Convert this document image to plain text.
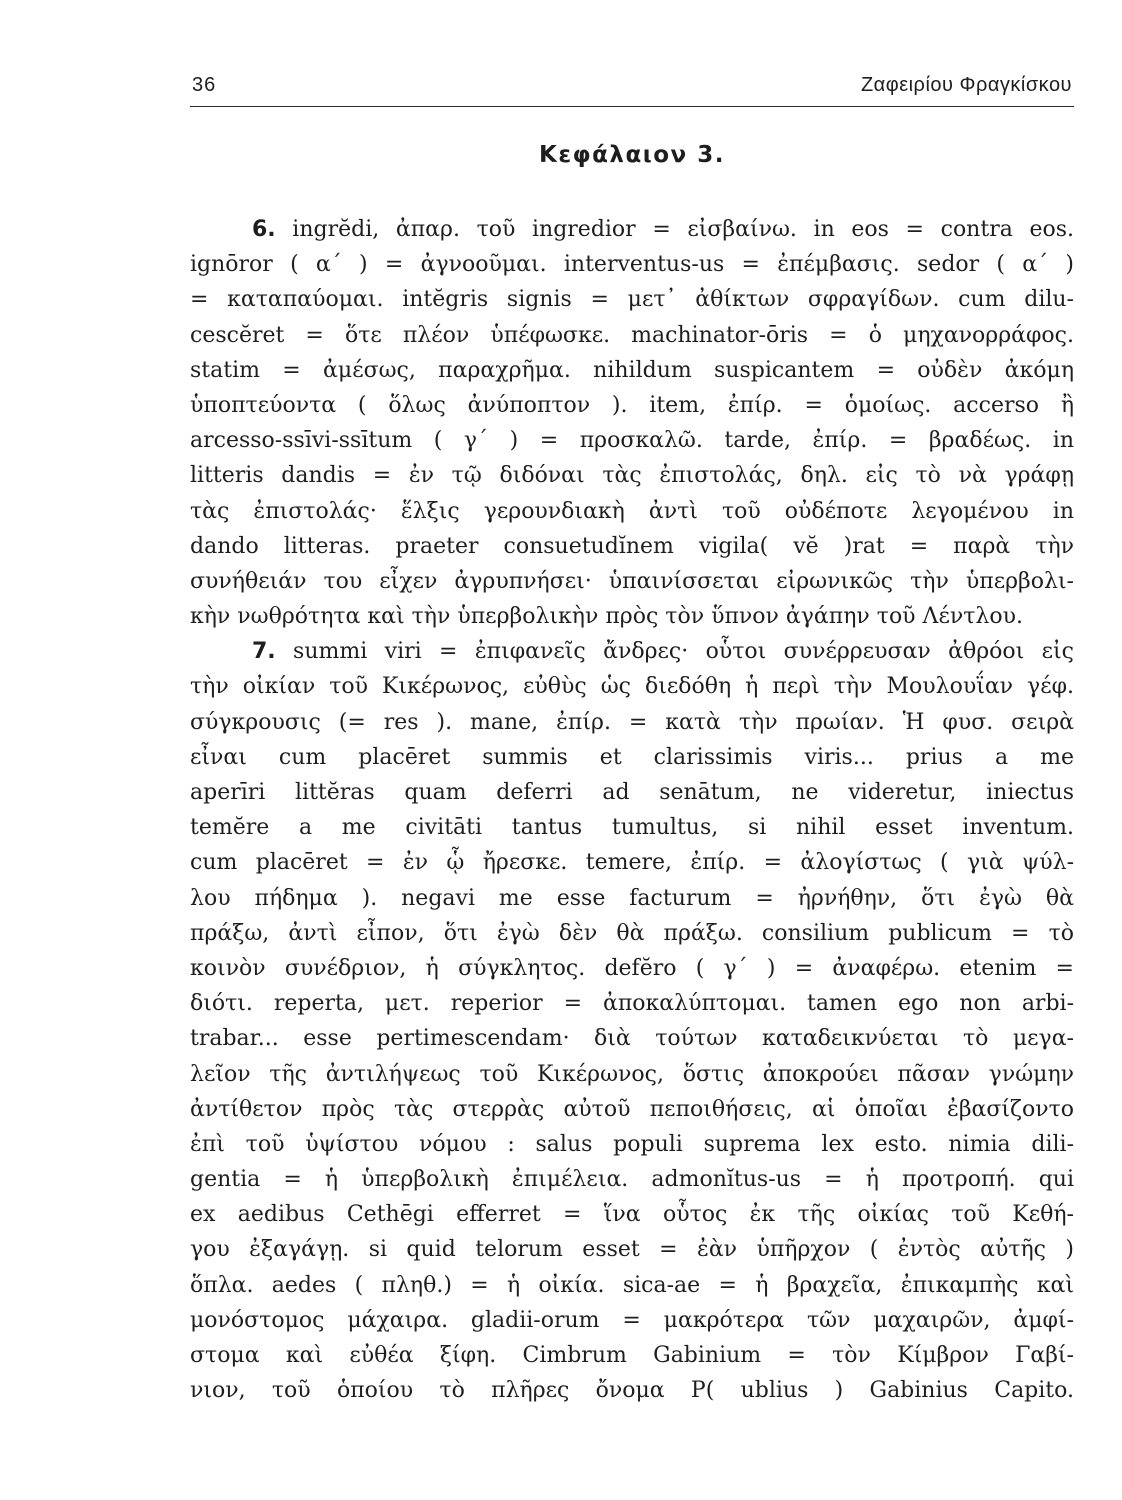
36	Ζαφειρίου Φραγκίσκου
Κεφάλαιον 3.
6. ingrĕdi, ἀπαρ. τοῦ ingredior = εἰσβαίνω. in eos = contra eos.
ignōror ( α΄ ) = ἀγνοοῦμαι. interventus-us = ἐπέμβασις. sedor ( α΄ )
= καταπαύομαι. intĕgris signis = μετ᾽ ἀθίκτων σφραγίδων. cum dilu-
cescĕret = ὅτε πλέον ὑπέφωσκε. machinator-ōris = ὁ μηχανορράφος.
statim = ἀμέσως, παραχρῆμα. nihildum suspicantem = οὐδὲν ἀκόμη
ὑποπτεύοντα ( ὅλως ἀνύποπτον ). item, ἐπίρ. = ὁμοίως. accerso ἢ
arcesso-ssīvi-ssītum ( γ΄ ) = προσκαλῶ. tarde, ἐπίρ. = βραδέως. in
litteris dandis = ἐν τῷ διδόναι τὰς ἐπιστολάς, δηλ. εἰς τὸ νὰ γράφῃ
τὰς ἐπιστολάς· ἕλξις γερουνδιακὴ ἀντὶ τοῦ οὐδέποτε λεγομένου in
dando litteras. praeter consuetudĭnem vigila( vĕ )rat = παρὰ τὴν
συνήθειάν του εἶχεν ἀγρυπνήσει· ὑπαινίσσεται εἰρωνικῶς τὴν ὑπερβολι-
κὴν νωθρότητα καὶ τὴν ὑπερβολικὴν πρὸς τὸν ὕπνον ἀγάπην τοῦ Λέντλου.
7. summi viri = ἐπιφανεῖς ἄνδρες· οὗτοι συνέρρευσαν ἀθρόοι εἰς
τὴν οἰκίαν τοῦ Κικέρωνος, εὐθὺς ὡς διεδόθη ἡ περὶ τὴν Μουλουΐαν γέφ.
σύγκρουσις (= res ). mane, ἐπίρ. = κατὰ τὴν πρωίαν. Ἡ φυσ. σειρὰ
εἶναι cum placēret summis et clarissimis viris... prius a me
aperīri littĕras quam deferri ad senātum, ne videretur, iniectus
temĕre a me civitāti tantus tumultus, si nihil esset inventum.
cum placēret = ἐν ᾧ ἤρεσκε. temere, ἐπίρ. = ἀλογίστως ( γιὰ ψύλ-
λου πήδημα ). negavi me esse facturum = ἠρνήθην, ὅτι ἐγὼ θὰ
πράξω, ἀντὶ εἶπον, ὅτι ἐγὼ δὲν θὰ πράξω. consilium publicum = τὸ
κοινὸν συνέδριον, ἡ σύγκλητος. defĕro ( γ΄ ) = ἀναφέρω. etenim =
διότι. reperta, μετ. reperior = ἀποκαλύπτομαι. tamen ego non arbi-
trabar... esse pertimescendam· διὰ τούτων καταδεικνύεται τὸ μεγα-
λεῖον τῆς ἀντιλήψεως τοῦ Κικέρωνος, ὅστις ἀποκρούει πᾶσαν γνώμην
ἀντίθετον πρὸς τὰς στερρὰς αὐτοῦ πεποιθήσεις, αἱ ὁποῖαι ἐβασίζοντο
ἐπὶ τοῦ ὑψίστου νόμου : salus populi suprema lex esto. nimia dili-
gentia = ἡ ὑπερβολικὴ ἐπιμέλεια. admonĭtus-us = ἡ προτροπή. qui
ex aedibus Cethēgi efferret = ἵνα οὗτος ἐκ τῆς οἰκίας τοῦ Κεθή-
γου ἐξαγάγῃ. si quid telorum esset = ἐὰν ὑπῆρχον ( ἐντὸς αὐτῆς )
ὅπλα. aedes ( πληθ.) = ἡ οἰκία. sica-ae = ἡ βραχεῖα, ἐπικαμπὴς καὶ
μονόστομος μάχαιρα. gladii-orum = μακρότερα τῶν μαχαιρῶν, ἀμφί-
στομα καὶ εὐθέα ξίφη. Cimbrum Gabinium = τὸν Κίμβρον Γαβί-
νιον, τοῦ ὁποίου τὸ πλῆρες ὄνομα P( ublius ) Gabinius Capito.
